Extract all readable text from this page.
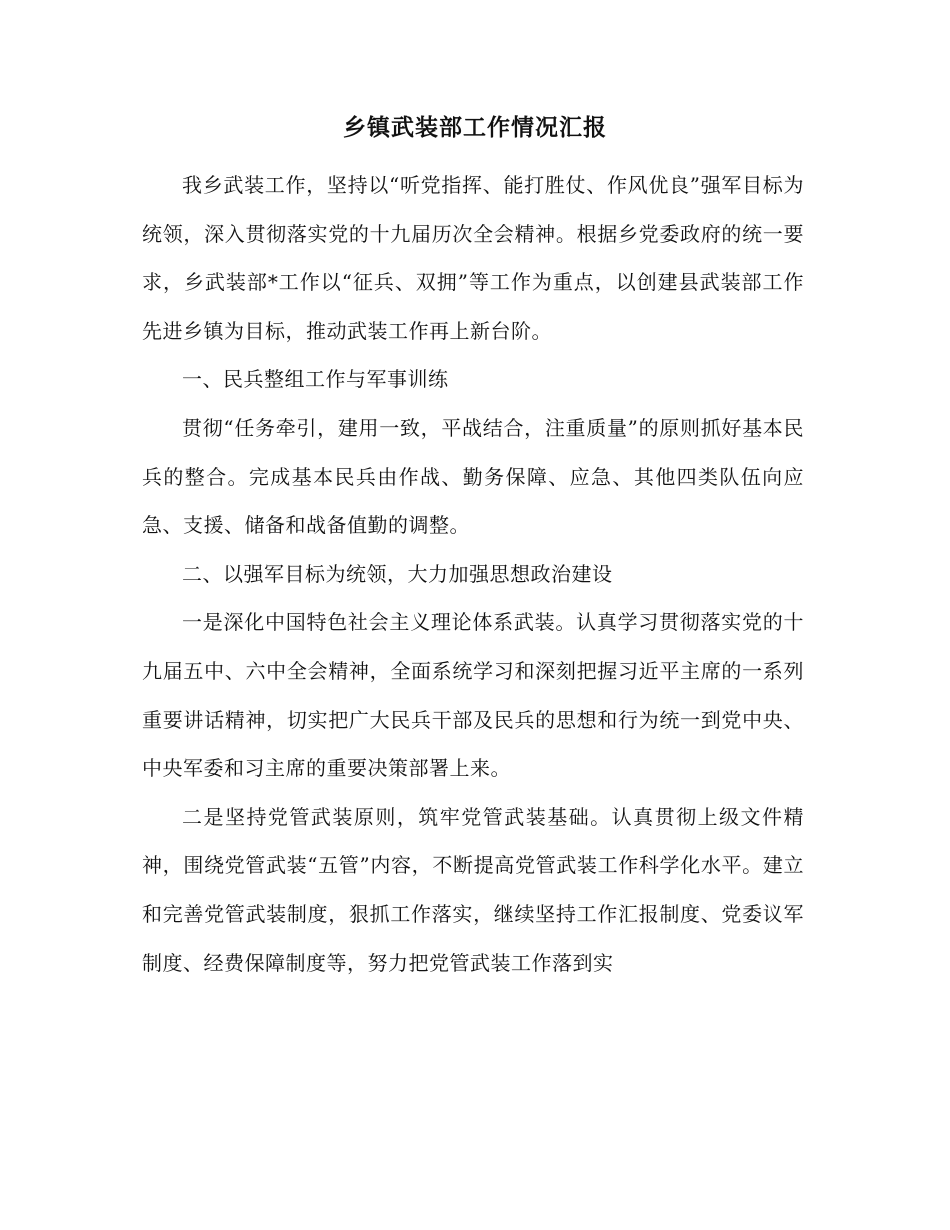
乡镇武装部工作情况汇报

我乡武装工作，坚持以“听党指挥、能打胜仗、作风优良”强军目标为统领，深入贯彻落实党的十九届历次全会精神。根据乡党委政府的统一要求，乡武装部*工作以“征兵、双拥”等工作为重点，以创建县武装部工作先进乡镇为目标，推动武装工作再上新台阶。

一、民兵整组工作与军事训练

贯彻“任务牵引，建用一致，平战结合，注重质量”的原则抓好基本民兵的整合。完成基本民兵由作战、勤务保障、应急、其他四类队伍向应急、支援、储备和战备值勤的调整。

二、以强军目标为统领，大力加强思想政治建设

一是深化中国特色社会主义理论体系武装。认真学习贯彻落实党的十九届五中、六中全会精神，全面系统学习和深刻把握习近平主席的一系列重要讲话精神，切实把广大民兵干部及民兵的思想和行为统一到党中央、中央军委和习主席的重要决策部署上来。

二是坚持党管武装原则，筑牢党管武装基础。认真贯彻上级文件精神，围绕党管武装“五管”内容，不断提高党管武装工作科学化水平。建立和完善党管武装制度，狠抓工作落实，继续坚持工作汇报制度、党委议军制度、经费保障制度等，努力把党管武装工作落到实
